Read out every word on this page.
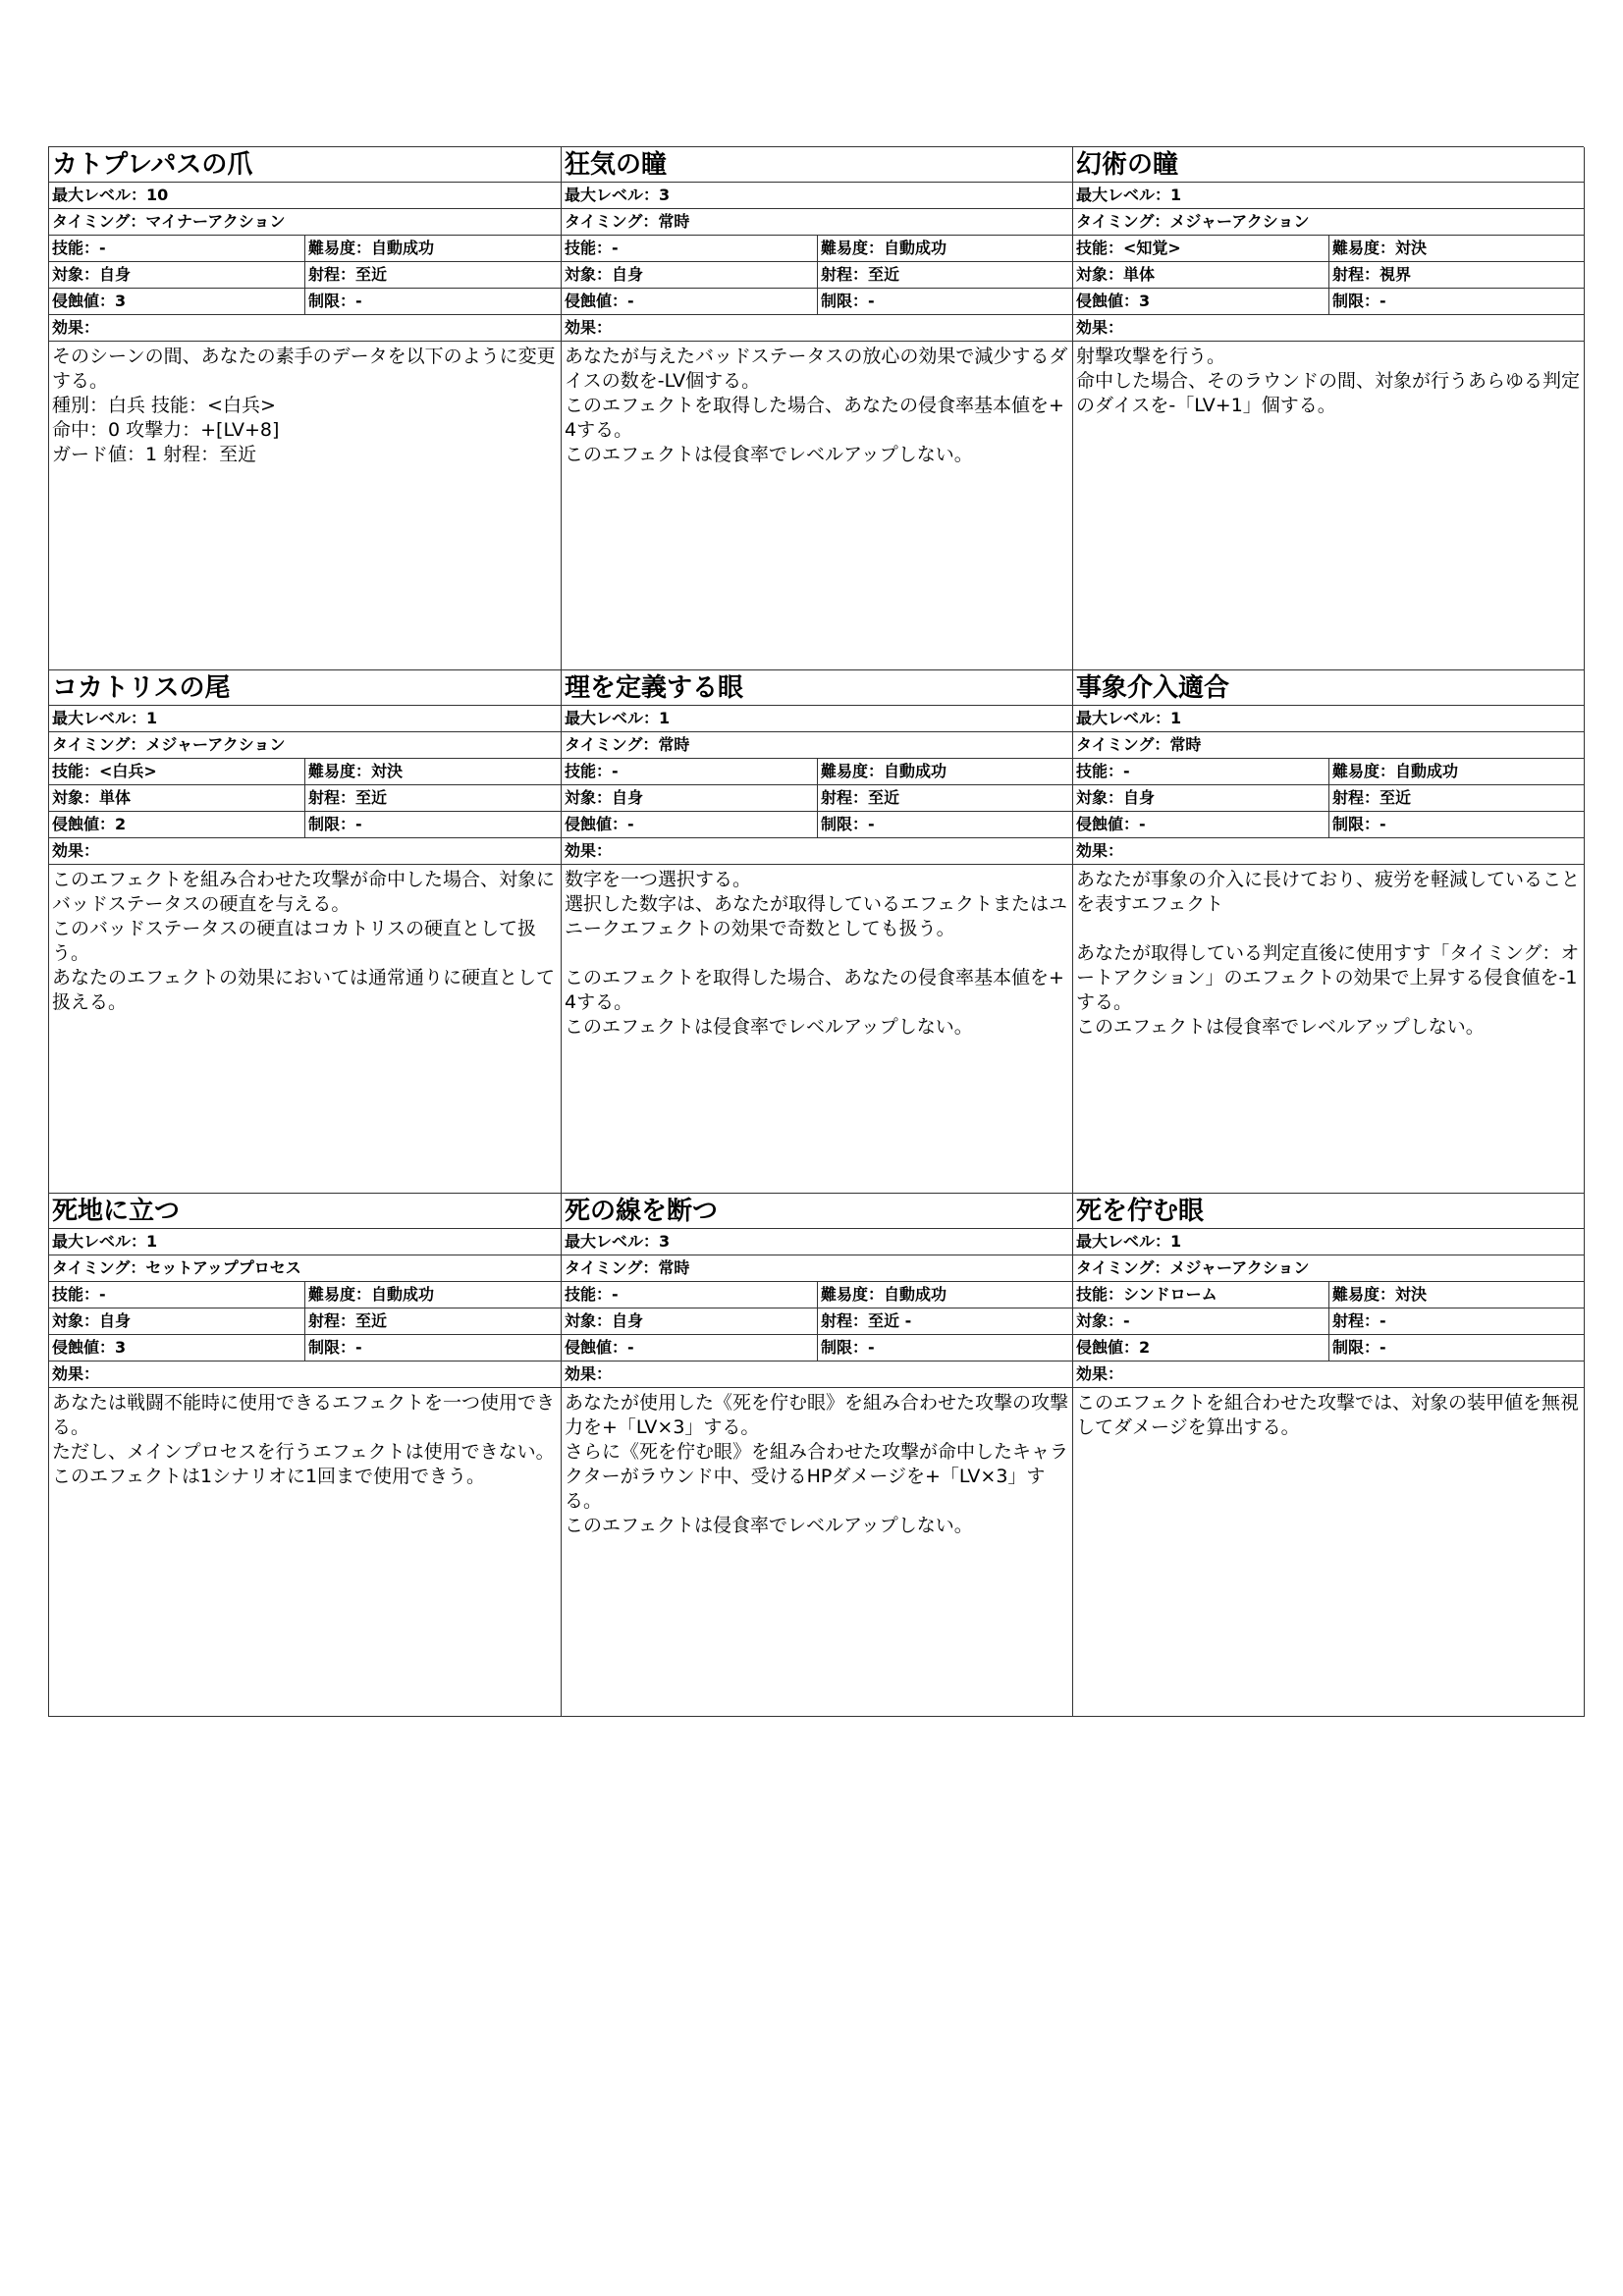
カトプレパスの爪
最大レベル： 10
タイミング： マイナーアクション
技能： -	難易度： 自動成功
対象： 自身	射程： 至近
侵蝕値： 3	制限： -
効果：
そのシーンの間、あなたの素手のデータを以下のように変更する。
種別：白兵 技能：<白兵>
命中：0 攻撃力：+[LV+8]
ガード値：1 射程：至近
狂気の瞳
最大レベル： 3
タイミング： 常時
技能： -	難易度： 自動成功
対象： 自身	射程： 至近
侵蝕値： -	制限： -
効果：
あなたが与えたバッドステータスの放心の効果で減少するダイスの数を-LV個する。
このエフェクトを取得した場合、あなたの侵食率基本値を+4する。
このエフェクトは侵食率でレベルアップしない。
幻術の瞳
最大レベル： 1
タイミング： メジャーアクション
技能： <知覚>	難易度： 対決
対象： 単体	射程： 視界
侵蝕値： 3	制限： -
効果：
射撃攻撃を行う。
命中した場合、そのラウンドの間、対象が行うあらゆる判定のダイスを-「LV+1」個する。
コカトリスの尾
最大レベル： 1
タイミング： メジャーアクション
技能： <白兵>	難易度： 対決
対象： 単体	射程： 至近
侵蝕値： 2	制限： -
効果：
このエフェクトを組み合わせた攻撃が命中した場合、対象にバッドステータスの硬直を与える。
このバッドステータスの硬直はコカトリスの硬直として扱う。
あなたのエフェクトの効果においては通常通りに硬直として扱える。
理を定義する眼
最大レベル： 1
タイミング： 常時
技能： -	難易度： 自動成功
対象： 自身	射程： 至近
侵蝕値： -	制限： -
効果：
数字を一つ選択する。
選択した数字は、あなたが取得しているエフェクトまたはユニークエフェクトの効果で奇数としても扱う。

このエフェクトを取得した場合、あなたの侵食率基本値を+4する。
このエフェクトは侵食率でレベルアップしない。
事象介入適合
最大レベル： 1
タイミング： 常時
技能： -	難易度： 自動成功
対象： 自身	射程： 至近
侵蝕値： -	制限： -
効果：
あなたが事象の介入に長けており、疲労を軽減していることを表すエフェクト

あなたが取得している判定直後に使用すす「タイミング：オートアクション」のエフェクトの効果で上昇する侵食値を-1する。
このエフェクトは侵食率でレベルアップしない。
死地に立つ
最大レベル： 1
タイミング： セットアッププロセス
技能： -	難易度： 自動成功
対象： 自身	射程： 至近
侵蝕値： 3	制限： -
効果：
あなたは戦闘不能時に使用できるエフェクトを一つ使用できる。
ただし、メインプロセスを行うエフェクトは使用できない。
このエフェクトは1シナリオに1回まで使用できう。
死の線を断つ
最大レベル： 3
タイミング： 常時
技能： -	難易度： 自動成功
対象： 自身	射程： 至近 -
侵蝕値： -	制限： -
効果：
あなたが使用した《死を佇む眼》を組み合わせた攻撃の攻撃力を+「LV×3」する。
さらに《死を佇む眼》を組み合わせた攻撃が命中したキャラクターがラウンド中、受けるHPダメージを+「LV×3」する。
このエフェクトは侵食率でレベルアップしない。
死を佇む眼
最大レベル： 1
タイミング： メジャーアクション
技能： シンドローム	難易度： 対決
対象： -	射程： -
侵蝕値： 2	制限： -
効果：
このエフェクトを組合わせた攻撃では、対象の装甲値を無視してダメージを算出する。
